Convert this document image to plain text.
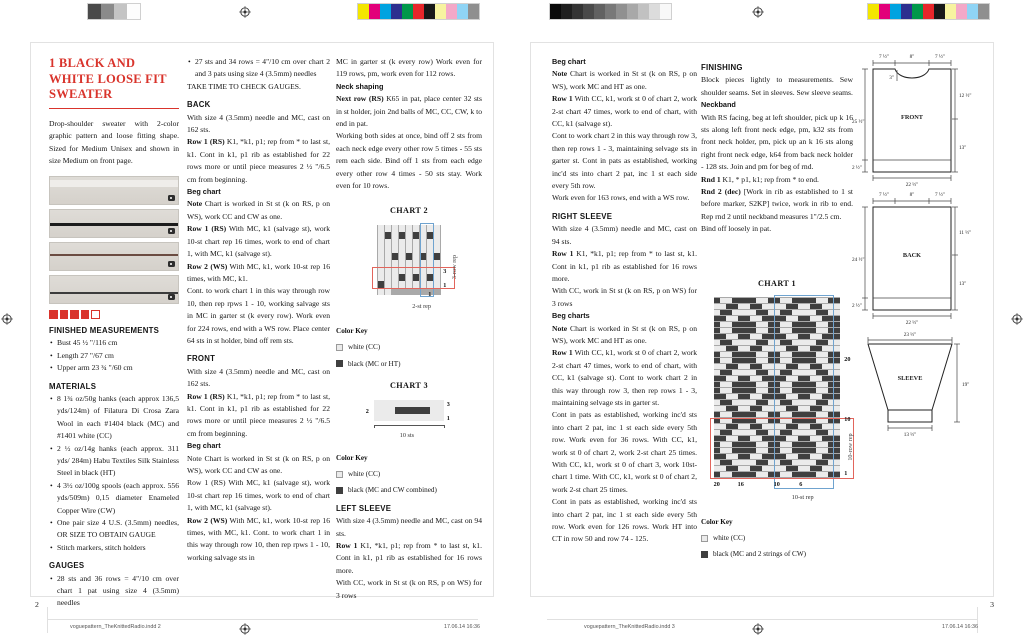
1 BLACK AND WHITE LOOSE FIT SWEATER
Drop-shoulder sweater with 2-color graphic pattern and loose fitting shape. Sized for Medium Unisex and shown in size Medium on front page.
FINISHED MEASUREMENTS
• Bust 45 ½ "/116 cm
• Length 27 "/67 cm
• Upper arm 23 ¾ "/60 cm
MATERIALS
• 8 1¾ oz/50g hanks (each approx 136,5 yds/124m) of Filatura Di Crosa Zara Wool in each #1404 black (MC) and #1401 white (CC)
• 2 ½ oz/14g hanks (each approx. 311 yds/ 284m) Habu Textiles Silk Stainless Steel in black (HT)
• 4 3½ oz/100g spools (each approx. 556 yds/509m) 0,15 diameter Enameled Copper Wire (CW)
• One pair size 4 U.S. (3.5mm) needles, OR SIZE TO OBTAIN GAUGE
• Stitch markers, stitch holders
GAUGES
• 28 sts and 36 rows = 4"/10 cm over chart 1 pat using size 4 (3.5mm) needles
• 27 sts and 34 rows = 4"/10 cm over chart 2 and 3 pats using size 4 (3.5mm) needles

TAKE TIME TO CHECK GAUGES.

BACK

With size 4 (3.5mm) needle and MC, cast on 162 sts.

Row 1 (RS) K1, *k1, p1; rep from * to last st, k1. Cont in k1, p1 rib as established for 22 rows more or until piece measures 2 ½ "/6.5 cm from beginning.

Beg chart

Note Chart is worked in St st (k on RS, p on WS), work CC and CW as one.

Row 1 (RS) With MC, k1 (salvage st), work 10-st chart rep 16 times, work to end of chart 1, with MC, k1 (salvage st).

Row 2 (WS) With MC, k1, work 10-st rep 16 times, with MC, k1.

Cont. to work chart 1 in this way through row 10, then rep rpws 1 - 10, working salvage sts in MC in garter st (k every row). Work even for 224 rows, end with a WS row. Place center 64 sts in st holder, bind off rem sts.

FRONT

With size 4 (3.5mm) needle and MC, cast on 162 sts.

Row 1 (RS) K1, *k1, p1; rep from * to last st, k1. Cont in k1, p1 rib as established for 22 rows more or until piece measures 2 ½ "/6.5 cm from beginning.

Beg chart

Note Chart is worked in St st (k on RS, p on WS), work CC and CW as one.

Row 1 (RS) With MC, k1 (salvage st), work 10-st chart rep 16 times, work to end of chart 1, with MC, k1 (salvage st).

Row 2 (WS) With MC, k1, work 10-st rep 16 times, with MC, k1. Cont. to work chart 1 in this way through row 10, then rep rpws 1 - 10, working salvage sts in

MC in garter st (k every row) Work even for 119 rows, pm, work even for 112 rows.

Neck shaping

Next row (RS) K65 in pat, place center 32 sts in st holder, join 2nd balls of MC, CC, CW, k to end in pat.

Working both sides at once, bind off 2 sts from each neck edge every other row 5 times - 55 sts rem each side. Bind off 1 sts from each edge every other row 4 times - 50 sts stay. Work even for 10 rows.

CHART 2
3
1
1
2-st rep
3-row rep
Color Key
white (CC)
black (MC or HT)
CHART 3
3
1
2
10 sts
Color Key
white (CC)
black (MC and CW combined)
LEFT SLEEVE

With size 4 (3.5mm) needle and MC, cast on 94 sts.

Row 1 K1, *k1, p1; rep from * to last st, k1. Cont in k1, p1 rib as established for 16 rows more.

With CC, work in St st (k on RS, p on WS) for 3 rows

Beg chart

Note Chart is worked in St st (k on RS, p on WS), work MC and HT as one.

Row 1 With CC, k1, work st 0 of chart 2, work 2-st chart 47 times, work to end of chart, with CC, k1 (salvage st).

Cont to work chart 2 in this way through row 3, then rep rows 1 - 3, maintaining selvage sts in garter st. Cont in pats as established, working inc'd sts into chart 2 pat, inc 1 st each side every 5th row.

Work even for 163 rows, end with a WS row.

RIGHT SLEEVE

With size 4 (3.5mm) needle and MC, cast on 94 sts.

Row 1 K1, *k1, p1; rep from * to last st, k1. Cont in k1, p1 rib as established for 16 rows more.

With CC, work in St st (k on RS, p on WS) for 3 rows

Beg charts

Note Chart is worked in St st (k on RS, p on WS), work MC and HT as one.

Row 1 With CC, k1, work st 0 of chart 2, work 2-st chart 47 times, work to end of chart, with CC, k1 (salvage st). Cont to work chart 2 in this way through row 3, then rep rows 1 - 3, maintaining selvage sts in garter st.

Cont in pats as established, working inc'd sts into chart 2 pat, inc 1 st each side every 5th row. Work even for 36 rows. With CC, k1, work st 0 of chart 2, work 2-st chart 25 times. With CC, k1, work st 0 of chart 3, work 10st-chart 1 time. With CC, k1, work st 0 of chart 2, work 2-st chart 25 times.

Cont in pats as established, working inc'd sts into chart 2 pat, inc 1 st each side every 5th row. Work even for 126 rows. Work HT into CT in row 50 and row 74 - 125.

FINISHING

Block pieces lightly to measurements. Sew shoulder seams. Set in sleeves. Sew sleeve seams.

Neckband

With RS facing, beg at left shoulder, pick up k 16 sts along left front neck edge, pm, k32 sts from front neck holder, pm, pick up an k 16 sts along right front neck edge, k64 from back neck holder - 128 sts. Join and pm for beg of rnd.

Rnd 1 K1, * p1, k1; rep from * to end.

Rnd 2 (dec) [Work in rib as established to 1 st before marker, S2KP] twice, work in rib to end. Rep rnd 2 until neckband measures 1"/2.5 cm.

Bind off loosely in pat.

CHART 1
20
10
1
20	16	10	6
10-st rep
10-row rep
Color Key
white (CC)
black (MC and 2 strings of CW)
7 ½"	8"	7 ½"
25 ½"
2 ½"
12 ½"
13"
22 ½"
3"
FRONT
7 ½"	8"	7 ½"
24 ½"
2 ½"
11 ½"
13"
22 ½"
BACK
23 ½"
19"
13 ½"
SLEEVE
2	3
voguepattern_TheKnittedRadio.indd 2	17.06.14 16:36	voguepattern_TheKnittedRadio.indd 3	17.06.14 16:36
